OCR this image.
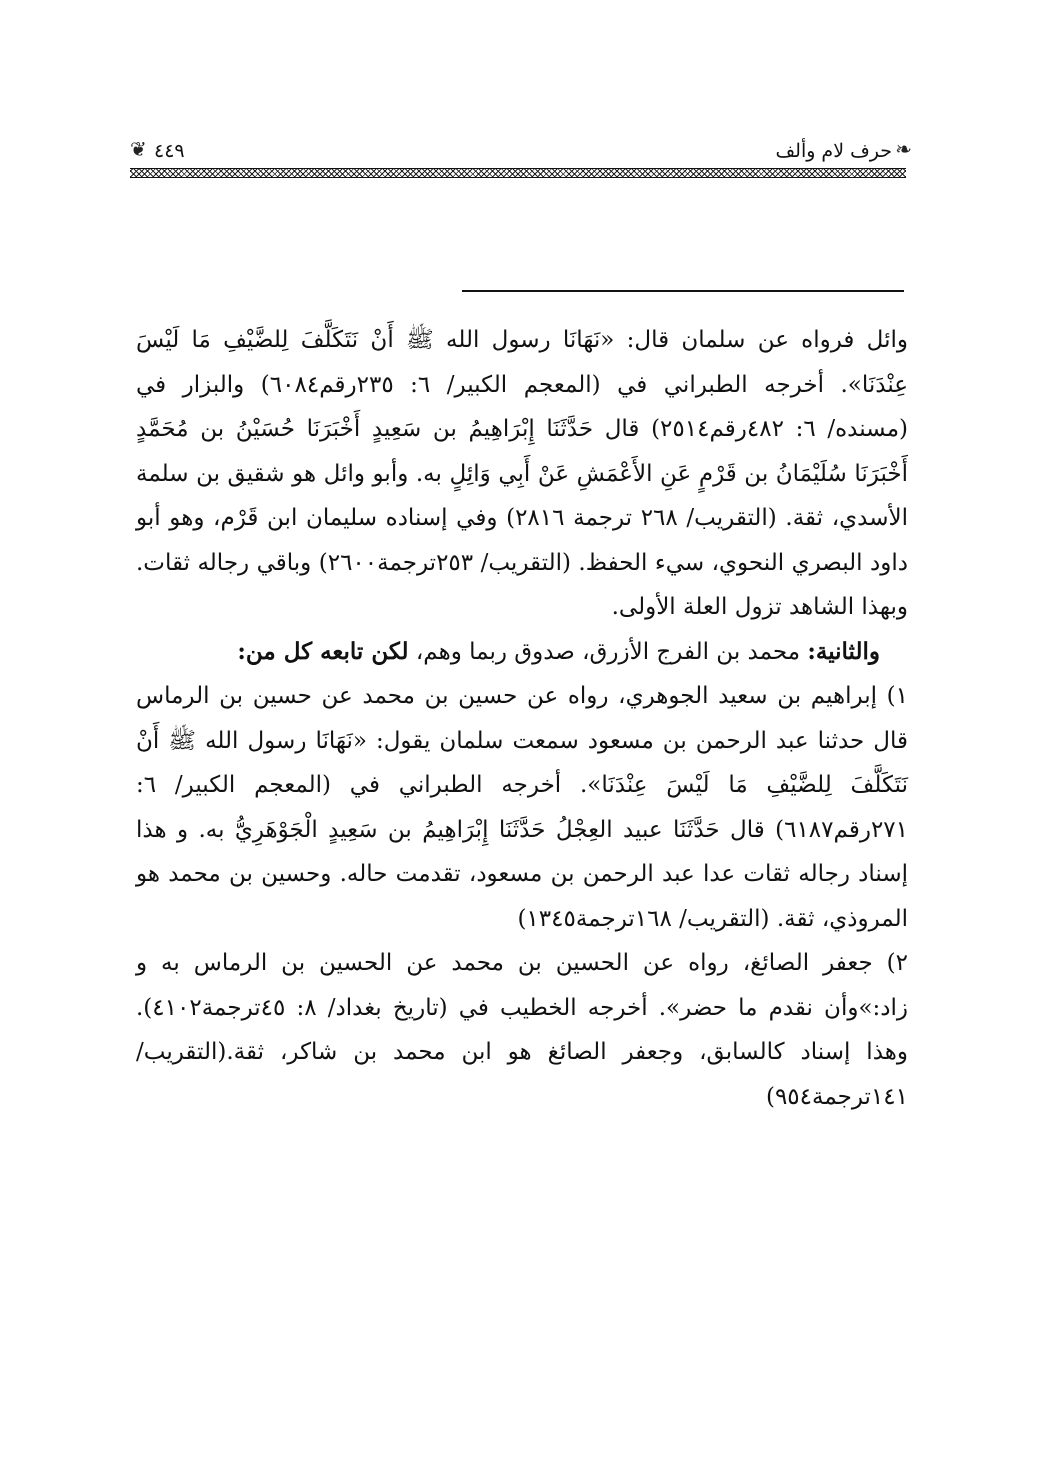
❧
حرف لام وألف
٤٤٩
❦

وائل فرواه عن سلمان قال: «نَهَانَا رسول الله ﷺ أَنْ نَتَكَلَّفَ لِلضَّيْفِ مَا لَيْسَ عِنْدَنَا». أخرجه الطبراني في (المعجم الكبير/ ٦: ٢٣٥رقم٦٠٨٤) والبزار في (مسنده/ ٦: ٤٨٢رقم٢٥١٤) قال حَدَّثَنَا إِبْرَاهِيمُ بن سَعِيدٍ أَخْبَرَنَا حُسَيْنُ بن مُحَمَّدٍ أَخْبَرَنَا سُلَيْمَانُ بن قَرْمٍ عَنِ الأَعْمَشِ عَنْ أَبِي وَائِلٍ به. وأبو وائل هو شقيق بن سلمة الأسدي، ثقة. (التقريب/ ٢٦٨ ترجمة ٢٨١٦) وفي إسناده سليمان ابن قَرْم، وهو أبو داود البصري النحوي، سيء الحفظ. (التقريب/ ٢٥٣ترجمة٢٦٠٠) وباقي رجاله ثقات. وبهذا الشاهد تزول العلة الأولى.

والثانية: محمد بن الفرج الأزرق، صدوق ربما وهم، لكن تابعه كل من:

١) إبراهيم بن سعيد الجوهري، رواه عن حسين بن محمد عن حسين بن الرماس قال حدثنا عبد الرحمن بن مسعود سمعت سلمان يقول: «نَهَانَا رسول الله ﷺ أَنْ نَتَكَلَّفَ لِلضَّيْفِ مَا لَيْسَ عِنْدَنَا». أخرجه الطبراني في (المعجم الكبير/ ٦: ٢٧١رقم٦١٨٧) قال حَدَّثَنَا عبيد العِجْلُ حَدَّثَنَا إِبْرَاهِيمُ بن سَعِيدٍ الْجَوْهَرِيُّ به. و هذا إسناد رجاله ثقات عدا عبد الرحمن بن مسعود، تقدمت حاله. وحسين بن محمد هو المروذي، ثقة. (التقريب/ ١٦٨ترجمة١٣٤٥)

٢) جعفر الصائغ، رواه عن الحسين بن محمد عن الحسين بن الرماس به و زاد:»وأن نقدم ما حضر». أخرجه الخطيب في (تاريخ بغداد/ ٨: ٤٥ترجمة٤١٠٢). وهذا إسناد كالسابق، وجعفر الصائغ هو ابن محمد بن شاكر، ثقة.(التقريب/ ١٤١ترجمة٩٥٤)
